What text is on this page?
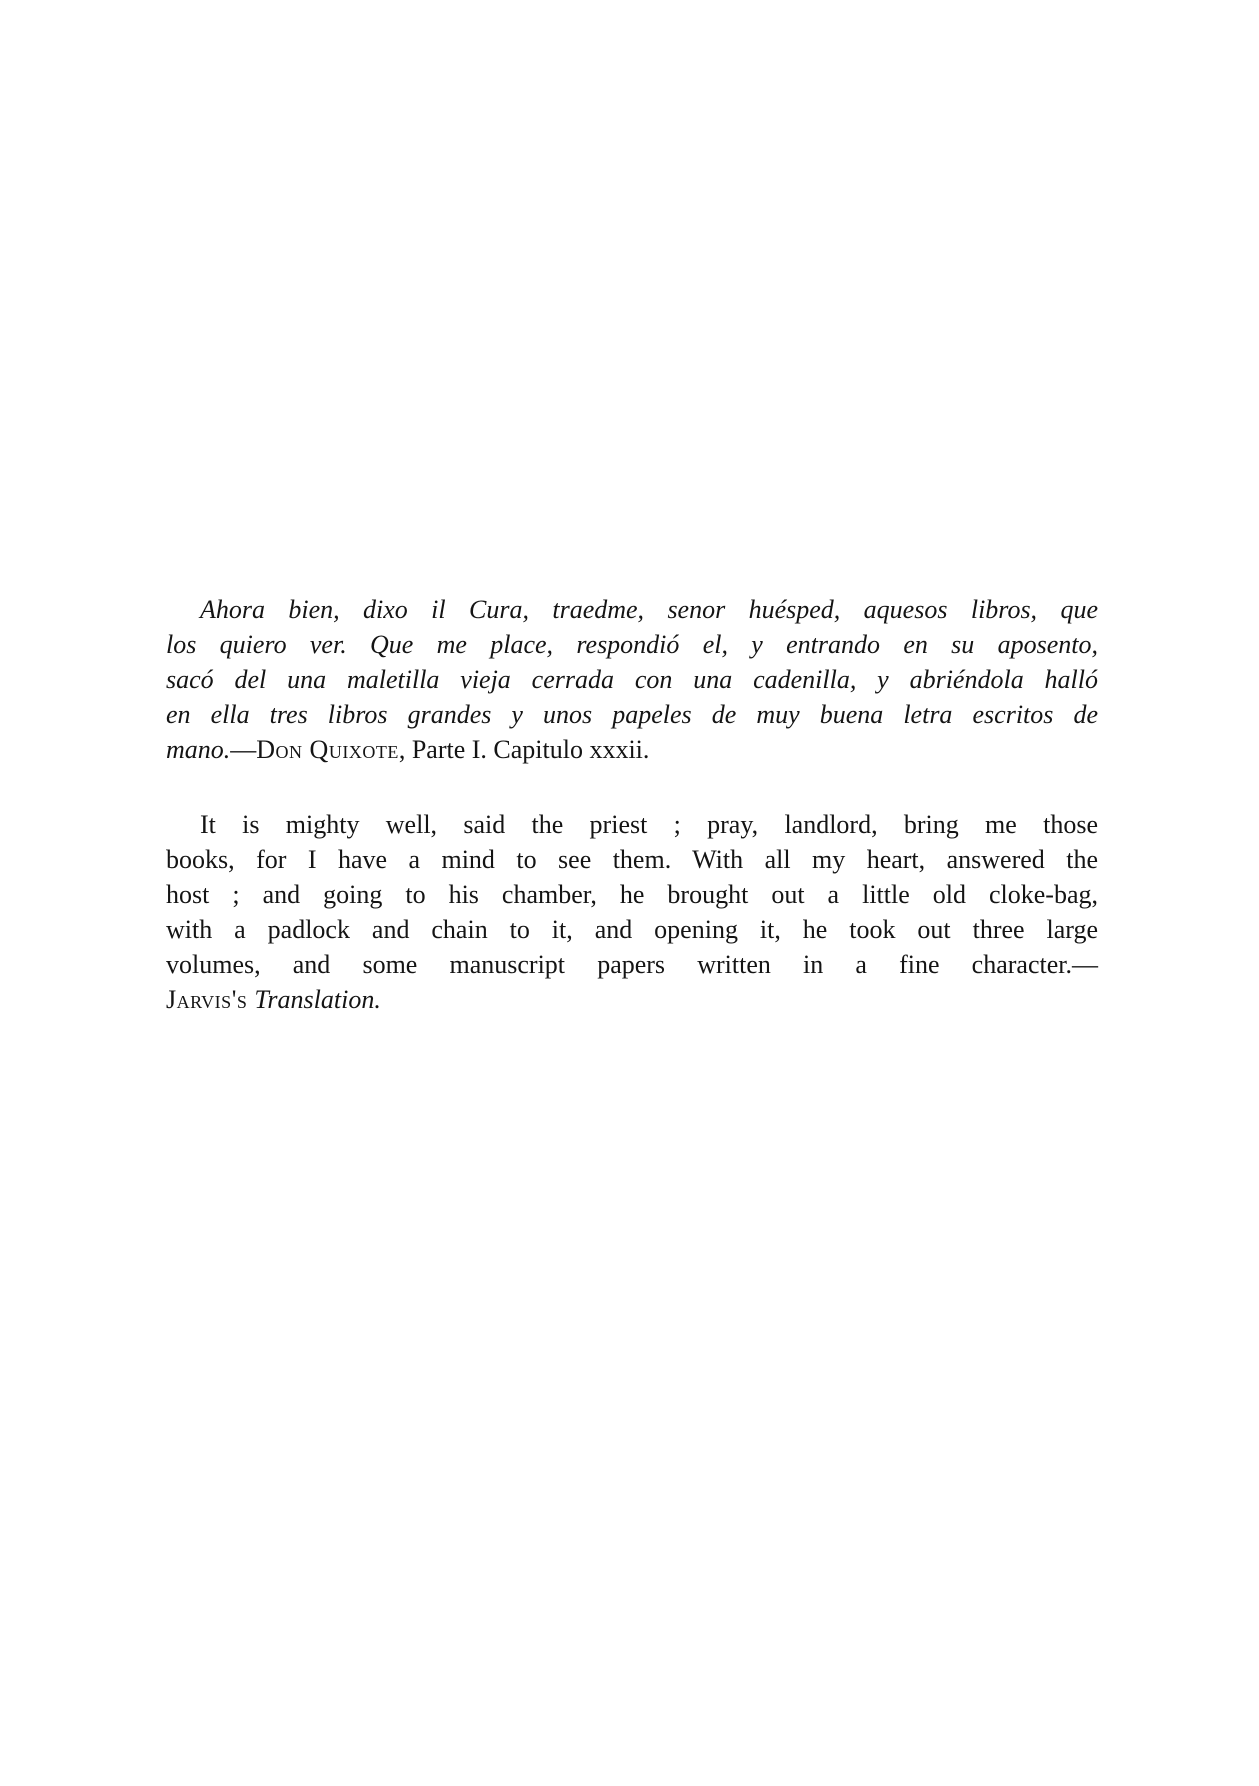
Ahora bien, dixo il Cura, traedme, senor huésped, aquesos libros, que
los quiero ver. Que me place, respondió el, y entrando en su aposento,
sacó del una maletilla vieja cerrada con una cadenilla, y abriéndola halló
en ella tres libros grandes y unos papeles de muy buena letra escritos de
mano.—Don Quixote, Parte I. Capitulo xxxii.

It is mighty well, said the priest ; pray, landlord, bring me those
books, for I have a mind to see them. With all my heart, answered the
host ; and going to his chamber, he brought out a little old cloke-bag,
with a padlock and chain to it, and opening it, he took out three large
volumes, and some manuscript papers written in a fine character.—
Jarvis's Translation.
